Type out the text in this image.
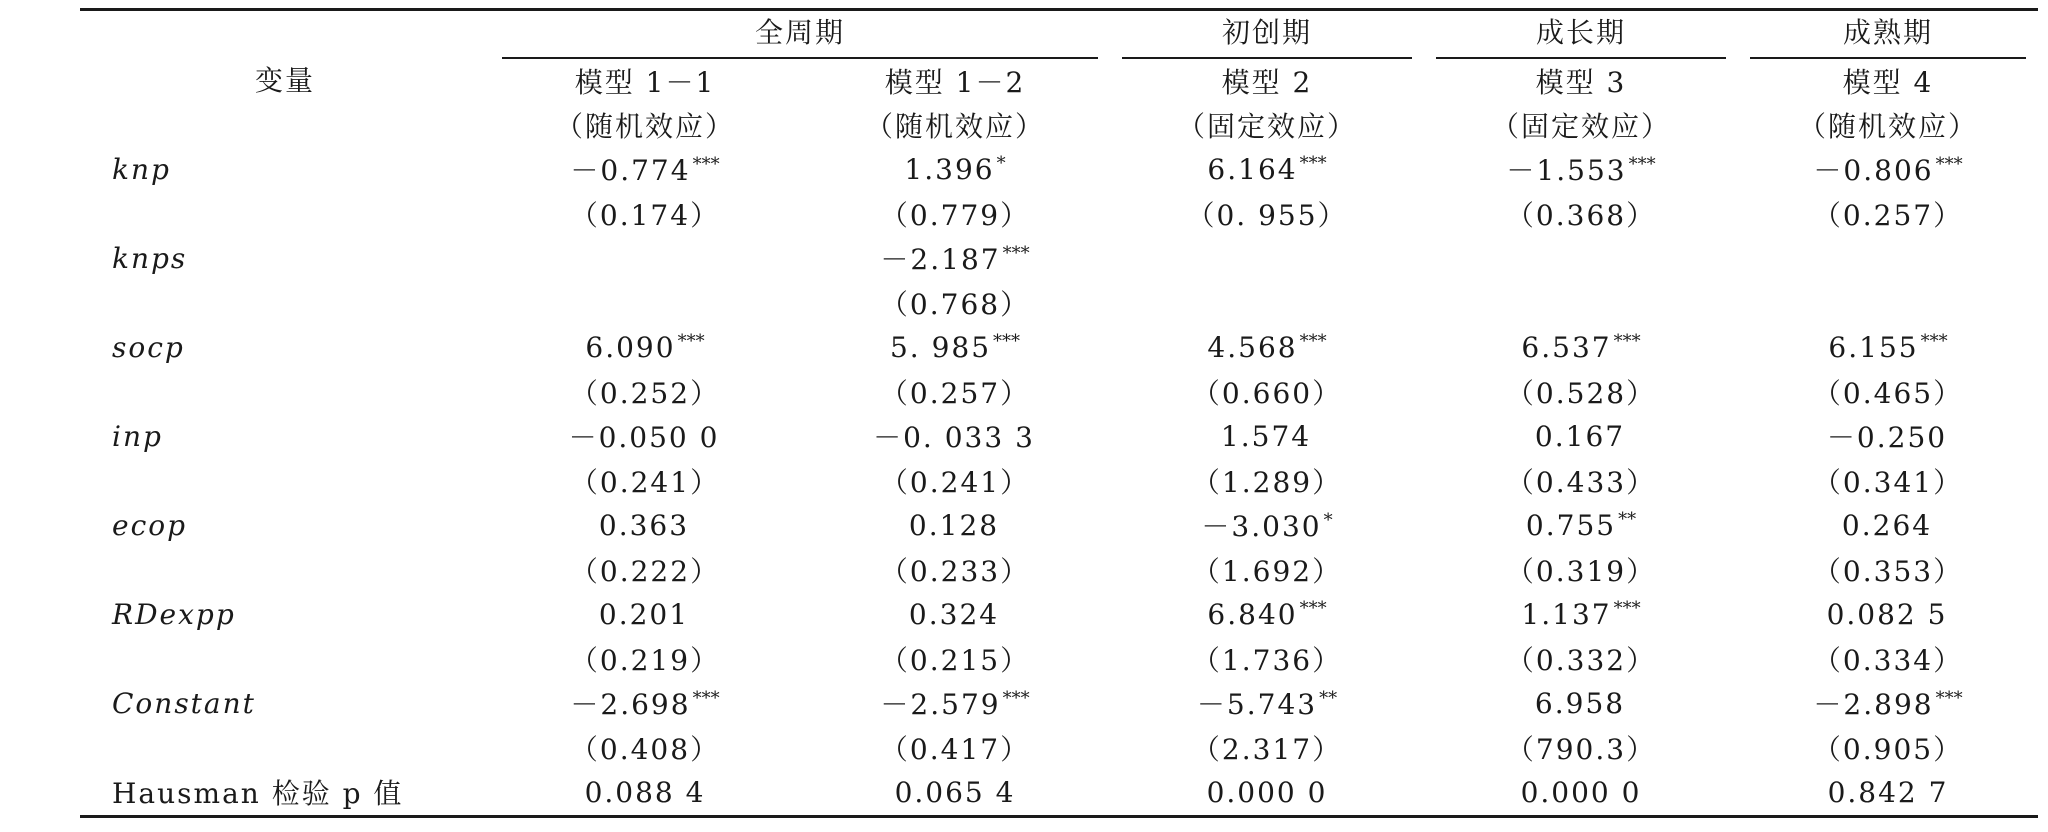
变量	全周期		初创期	成长期	成熟期

	模型 1－1	模型 1－2	模型 2	模型 3	模型 4
	（随机效应）	（随机效应）	（固定效应）	（固定效应）	（随机效应）
knp	－0.774 ***	1.396 *	6.164 ***	－1.553 ***	－0.806 ***
	（0.174）	（0.779）	（0. 955）	（0.368）	（0.257）
knps		－2.187 ***			
		（0.768）			
socp	6.090 ***	5. 985 ***	4.568 ***	6.537 ***	6.155 ***
	（0.252）	（0.257）	（0.660）	（0.528）	（0.465）
inp	－0.050 0	－0. 033 3	1.574	0.167	－0.250
	（0.241）	（0.241）	（1.289）	（0.433）	（0.341）
ecop	0.363	0.128	－3.030 *	0.755 **	0.264
	（0.222）	（0.233）	（1.692）	（0.319）	（0.353）
RDexpp	0.201	0.324	6.840 ***	1.137 ***	0.082 5
	（0.219）	（0.215）	（1.736）	（0.332）	（0.334）
Constant	－2.698 ***	－2.579 ***	－5.743 **	6.958	－2.898 ***
	（0.408）	（0.417）	（2.317）	（790.3）	（0.905）
Hausman 检验 p 值	0.088 4	0.065 4	0.000 0	0.000 0	0.842 7
